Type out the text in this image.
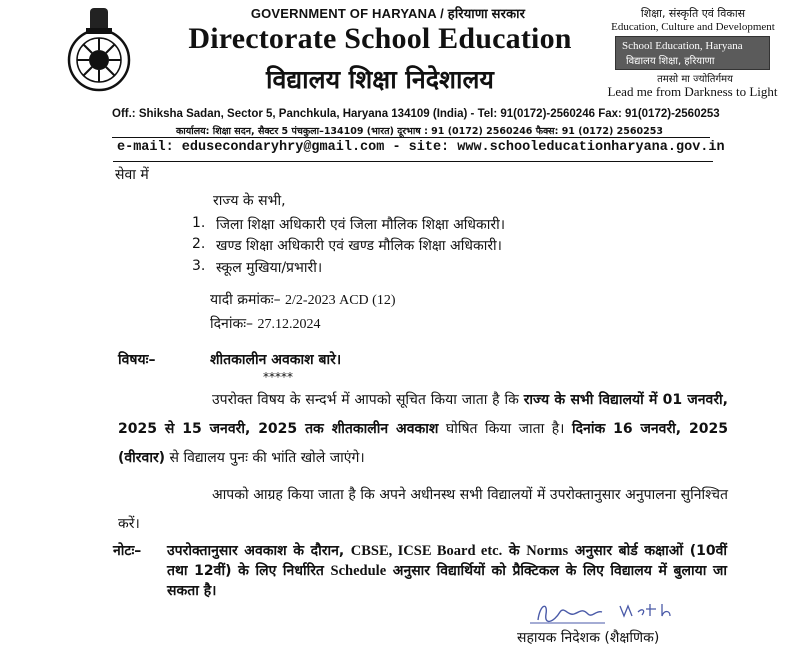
GOVERNMENT OF HARYANA / हरियाणा सरकार
Directorate School Education
विद्यालय शिक्षा निदेशालय
शिक्षा, संस्कृति एवं विकास
Education, Culture and Development
School Education, Haryana
विद्यालय शिक्षा, हरियाणा
तमसो मा ज्योतिर्गमय
Lead me from Darkness to Light
Off.: Shiksha Sadan, Sector 5, Panchkula, Haryana 134109 (India) - Tel: 91(0172)-2560246 Fax: 91(0172)-2560253
कार्यालय: शिक्षा सदन, सैक्टर 5 पंचकुला–134109 (भारत) दूरभाष : 91 (0172) 2560246 फैक्स: 91 (0172) 2560253
e-mail: edusecondaryhry@gmail.com - site: www.schooleducationharyana.gov.in
सेवा में
राज्य के सभी,
1. जिला शिक्षा अधिकारी एवं जिला मौलिक शिक्षा अधिकारी।
2. खण्ड शिक्षा अधिकारी एवं खण्ड मौलिक शिक्षा अधिकारी।
3. स्कूल मुखिया/प्रभारी।
यादी क्रमांकः– 2/2-2023 ACD (12)
दिनांकः– 27.12.2024
विषयः–	शीतकालीन अवकाश बारे।
*****
उपरोक्त विषय के सन्दर्भ में आपको सूचित किया जाता है कि राज्य के सभी विद्यालयों में 01 जनवरी, 2025 से 15 जनवरी, 2025 तक शीतकालीन अवकाश घोषित किया जाता है। दिनांक 16 जनवरी, 2025 (वीरवार) से विद्यालय पुनः की भांति खोले जाएंगे।
आपको आग्रह किया जाता है कि अपने अधीनस्थ सभी विद्यालयों में उपरोक्तानुसार अनुपालना सुनिश्चित करें।
नोटः– उपरोक्तानुसार अवकाश के दौरान, CBSE, ICSE Board etc. के Norms अनुसार बोर्ड कक्षाओं (10वीं तथा 12वीं) के लिए निर्धारित Schedule अनुसार विद्यार्थियों को प्रैक्टिकल के लिए विद्यालय में बुलाया जा सकता है।
सहायक निदेशक (शैक्षणिक)
